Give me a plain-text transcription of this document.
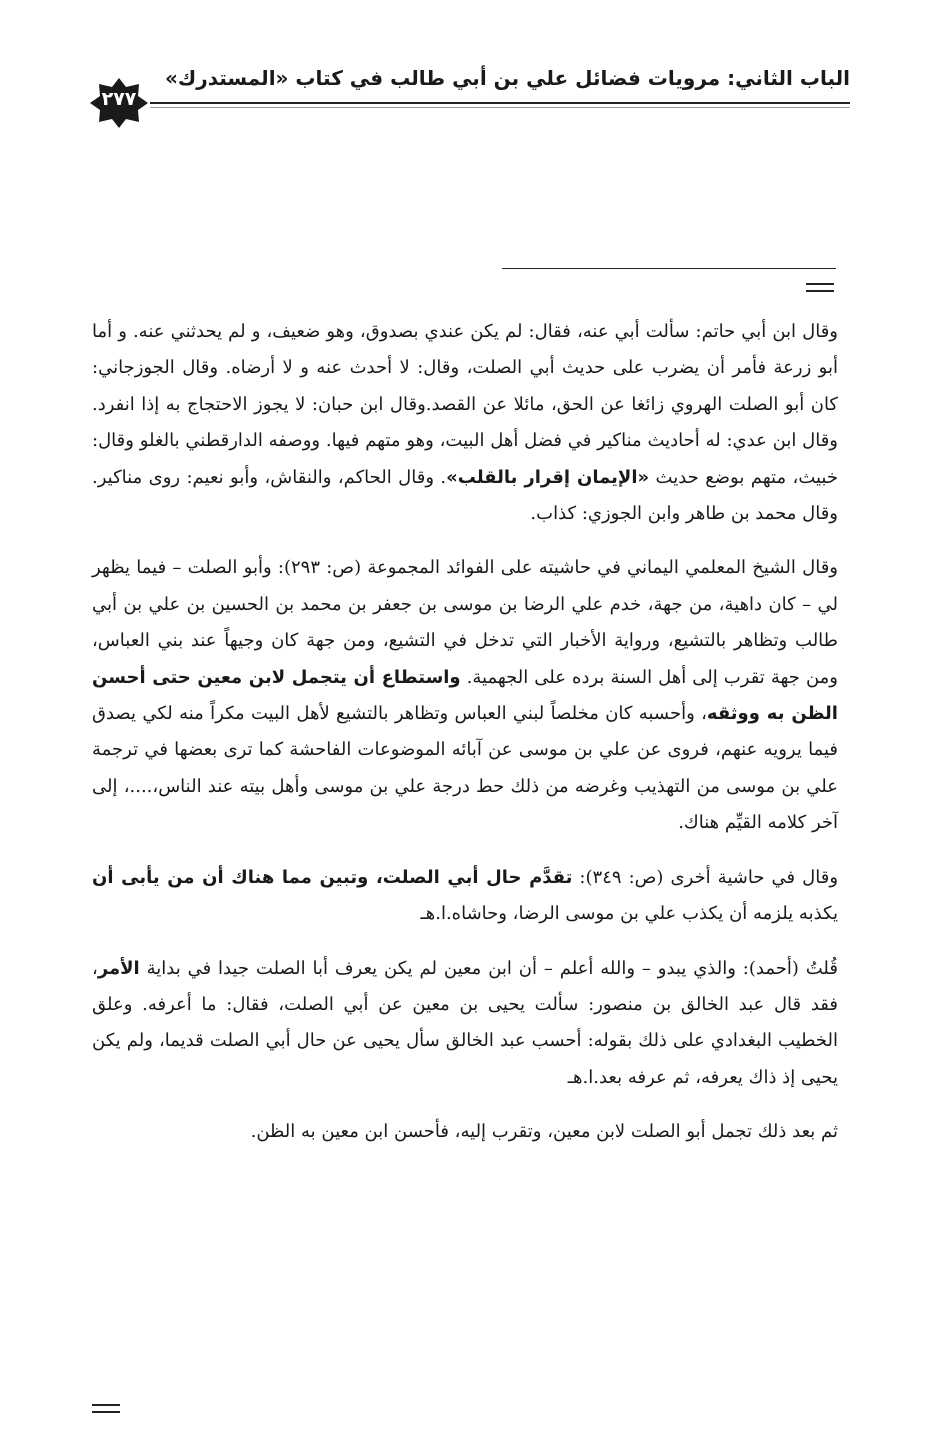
الباب الثاني: مرويات فضائل علي بن أبي طالب في كتاب «المستدرك»
٢٧٧

وقال ابن أبي حاتم: سألت أبي عنه، فقال: لم يكن عندي بصدوق، وهو ضعيف، و لم يحدثني عنه. و أما أبو زرعة فأمر أن يضرب على حديث أبي الصلت، وقال: لا أحدث عنه و لا أرضاه. وقال الجوزجاني: كان أبو الصلت الهروي زائغا عن الحق، مائلا عن القصد.وقال ابن حبان: لا يجوز الاحتجاج به إذا انفرد. وقال ابن عدي: له أحاديث مناكير في فضل أهل البيت، وهو متهم فيها. ووصفه الدارقطني بالغلو وقال: خبيث، متهم بوضع حديث «الإيمان إقرار بالقلب». وقال الحاكم، والنقاش، وأبو نعيم: روى مناكير. وقال محمد بن طاهر وابن الجوزي: كذاب.

وقال الشيخ المعلمي اليماني في حاشيته على الفوائد المجموعة (ص: ٢٩٣): وأبو الصلت – فيما يظهر لي – كان داهية، من جهة، خدم علي الرضا بن موسى بن جعفر بن محمد بن الحسين بن علي بن أبي طالب وتظاهر بالتشيع، ورواية الأخبار التي تدخل في التشيع، ومن جهة كان وجيهاً عند بني العباس، ومن جهة تقرب إلى أهل السنة برده على الجهمية. واستطاع أن يتجمل لابن معين حتى أحسن الظن به ووثقه، وأحسبه كان مخلصاً لبني العباس وتظاهر بالتشيع لأهل البيت مكراً منه لكي يصدق فيما يرويه عنهم، فروى عن علي بن موسى عن آبائه الموضوعات الفاحشة كما ترى بعضها في ترجمة علي بن موسى من التهذيب وغرضه من ذلك حط درجة علي بن موسى وأهل بيته عند الناس،....، إلى آخر كلامه القيِّم هناك.

وقال في حاشية أخرى (ص: ٣٤٩): تقدَّم حال أبي الصلت، وتبين مما هناك أن من يأبى أن يكذبه يلزمه أن يكذب علي بن موسى الرضا، وحاشاه.ا.هـ

قُلتُ (أحمد): والذي يبدو – والله أعلم – أن ابن معين لم يكن يعرف أبا الصلت جيدا في بداية الأمر، فقد قال عبد الخالق بن منصور: سألت يحيى بن معين عن أبي الصلت، فقال: ما أعرفه. وعلق الخطيب البغدادي على ذلك بقوله: أحسب عبد الخالق سأل يحيى عن حال أبي الصلت قديما، ولم يكن يحيى إذ ذاك يعرفه، ثم عرفه بعد.ا.هـ

ثم بعد ذلك تجمل أبو الصلت لابن معين، وتقرب إليه، فأحسن ابن معين به الظن.
